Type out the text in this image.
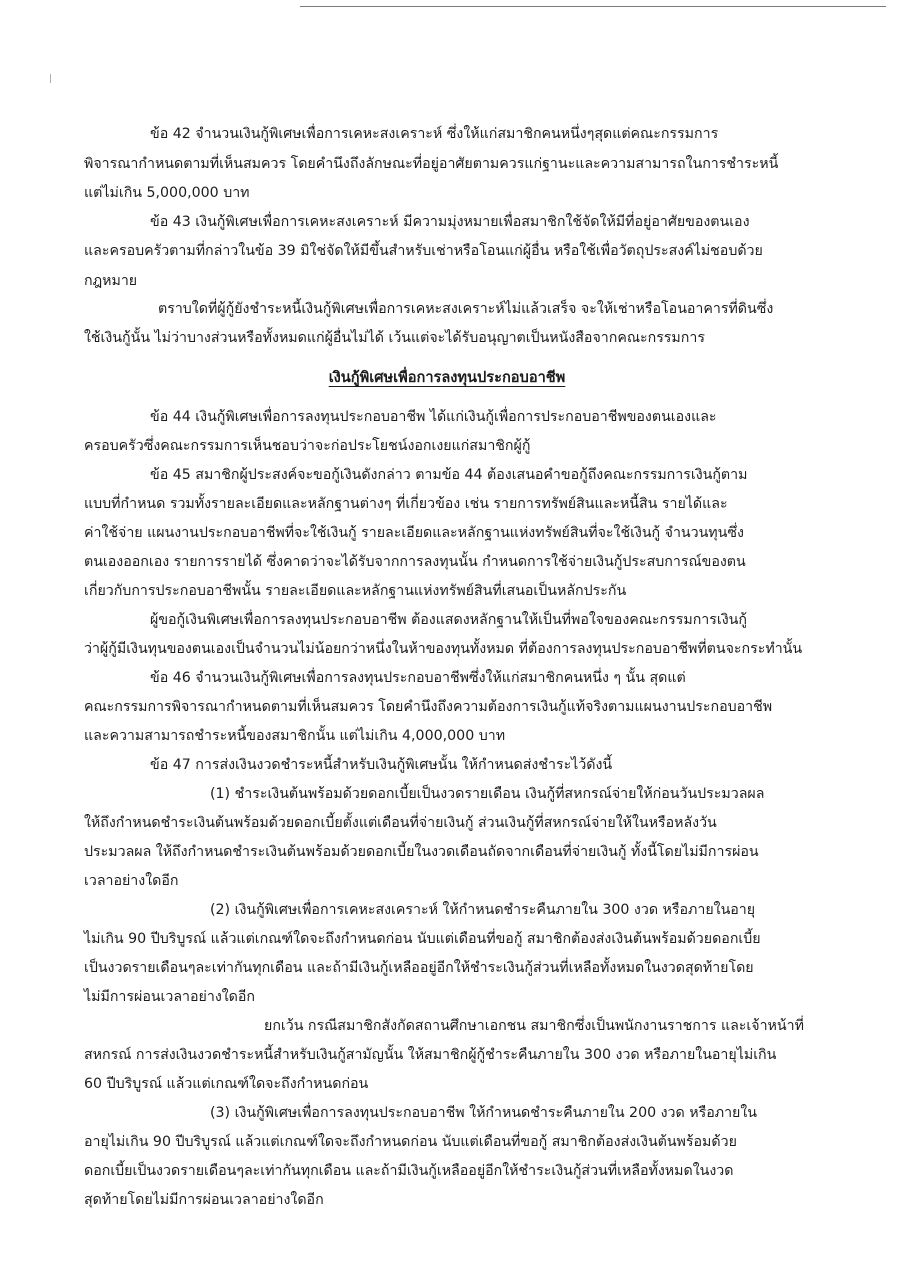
ข้อ 42 จำนวนเงินกู้พิเศษเพื่อการเคหะสงเคราะห์ ซึ่งให้แก่สมาชิกคนหนึ่งๆสุดแต่คณะกรรมการ
พิจารณากำหนดตามที่เห็นสมควร โดยคำนึงถึงลักษณะที่อยู่อาศัยตามควรแก่ฐานะและความสามารถในการชำระหนี้
แต่ไม่เกิน 5,000,000 บาท
ข้อ 43 เงินกู้พิเศษเพื่อการเคหะสงเคราะห์ มีความมุ่งหมายเพื่อสมาชิกใช้จัดให้มีที่อยู่อาศัยของตนเอง
และครอบครัวตามที่กล่าวในข้อ 39 มิใช่จัดให้มีขึ้นสำหรับเช่าหรือโอนแก่ผู้อื่น หรือใช้เพื่อวัตถุประสงค์ไม่ชอบด้วย
กฎหมาย
ตราบใดที่ผู้กู้ยังชำระหนี้เงินกู้พิเศษเพื่อการเคหะสงเคราะห์ไม่แล้วเสร็จ จะให้เช่าหรือโอนอาคารที่ดินซึ่ง
ใช้เงินกู้นั้น ไม่ว่าบางส่วนหรือทั้งหมดแก่ผู้อื่นไม่ได้ เว้นแต่จะได้รับอนุญาตเป็นหนังสือจากคณะกรรมการ
เงินกู้พิเศษเพื่อการลงทุนประกอบอาชีพ
ข้อ 44 เงินกู้พิเศษเพื่อการลงทุนประกอบอาชีพ ได้แก่เงินกู้เพื่อการประกอบอาชีพของตนเองและ
ครอบครัวซึ่งคณะกรรมการเห็นชอบว่าจะก่อประโยชน์งอกเงยแก่สมาชิกผู้กู้
ข้อ 45 สมาชิกผู้ประสงค์จะขอกู้เงินดังกล่าว ตามข้อ 44 ต้องเสนอคำขอกู้ถึงคณะกรรมการเงินกู้ตาม
แบบที่กำหนด รวมทั้งรายละเอียดและหลักฐานต่างๆ ที่เกี่ยวข้อง เช่น รายการทรัพย์สินและหนี้สิน รายได้และ
ค่าใช้จ่าย แผนงานประกอบอาชีพที่จะใช้เงินกู้ รายละเอียดและหลักฐานแห่งทรัพย์สินที่จะใช้เงินกู้ จำนวนทุนซึ่ง
ตนเองออกเอง รายการรายได้ ซึ่งคาดว่าจะได้รับจากการลงทุนนั้น กำหนดการใช้จ่ายเงินกู้ประสบการณ์ของตน
เกี่ยวกับการประกอบอาชีพนั้น รายละเอียดและหลักฐานแห่งทรัพย์สินที่เสนอเป็นหลักประกัน
ผู้ขอกู้เงินพิเศษเพื่อการลงทุนประกอบอาชีพ ต้องแสดงหลักฐานให้เป็นที่พอใจของคณะกรรมการเงินกู้
ว่าผู้กู้มีเงินทุนของตนเองเป็นจำนวนไม่น้อยกว่าหนึ่งในห้าของทุนทั้งหมด ที่ต้องการลงทุนประกอบอาชีพที่ตนจะกระทำนั้น
ข้อ 46 จำนวนเงินกู้พิเศษเพื่อการลงทุนประกอบอาชีพซึ่งให้แก่สมาชิกคนหนึ่ง ๆ นั้น สุดแต่
คณะกรรมการพิจารณากำหนดตามที่เห็นสมควร โดยคำนึงถึงความต้องการเงินกู้แท้จริงตามแผนงานประกอบอาชีพ
และความสามารถชำระหนี้ของสมาชิกนั้น แต่ไม่เกิน 4,000,000 บาท
ข้อ 47 การส่งเงินงวดชำระหนี้สำหรับเงินกู้พิเศษนั้น ให้กำหนดส่งชำระไว้ดังนี้
(1) ชำระเงินต้นพร้อมด้วยดอกเบี้ยเป็นงวดรายเดือน เงินกู้ที่สหกรณ์จ่ายให้ก่อนวันประมวลผล
ให้ถึงกำหนดชำระเงินต้นพร้อมด้วยดอกเบี้ยตั้งแต่เดือนที่จ่ายเงินกู้ ส่วนเงินกู้ที่สหกรณ์จ่ายให้ในหรือหลังวัน
ประมวลผล ให้ถึงกำหนดชำระเงินต้นพร้อมด้วยดอกเบี้ยในงวดเดือนถัดจากเดือนที่จ่ายเงินกู้ ทั้งนี้โดยไม่มีการผ่อน
เวลาอย่างใดอีก
(2) เงินกู้พิเศษเพื่อการเคหะสงเคราะห์ ให้กำหนดชำระคืนภายใน 300 งวด หรือภายในอายุ
ไม่เกิน 90 ปีบริบูรณ์ แล้วแต่เกณฑ์ใดจะถึงกำหนดก่อน นับแต่เดือนที่ขอกู้ สมาชิกต้องส่งเงินต้นพร้อมด้วยดอกเบี้ย
เป็นงวดรายเดือนๆละเท่ากันทุกเดือน และถ้ามีเงินกู้เหลืออยู่อีกให้ชำระเงินกู้ส่วนที่เหลือทั้งหมดในงวดสุดท้ายโดย
ไม่มีการผ่อนเวลาอย่างใดอีก
ยกเว้น กรณีสมาชิกสังกัดสถานศึกษาเอกชน สมาชิกซึ่งเป็นพนักงานราชการ และเจ้าหน้าที่
สหกรณ์ การส่งเงินงวดชำระหนี้สำหรับเงินกู้สามัญนั้น ให้สมาชิกผู้กู้ชำระคืนภายใน 300 งวด หรือภายในอายุไม่เกิน
60 ปีบริบูรณ์ แล้วแต่เกณฑ์ใดจะถึงกำหนดก่อน
(3) เงินกู้พิเศษเพื่อการลงทุนประกอบอาชีพ ให้กำหนดชำระคืนภายใน 200 งวด หรือภายใน
อายุไม่เกิน 90 ปีบริบูรณ์ แล้วแต่เกณฑ์ใดจะถึงกำหนดก่อน นับแต่เดือนที่ขอกู้ สมาชิกต้องส่งเงินต้นพร้อมด้วย
ดอกเบี้ยเป็นงวดรายเดือนๆละเท่ากันทุกเดือน และถ้ามีเงินกู้เหลืออยู่อีกให้ชำระเงินกู้ส่วนที่เหลือทั้งหมดในงวด
สุดท้ายโดยไม่มีการผ่อนเวลาอย่างใดอีก
